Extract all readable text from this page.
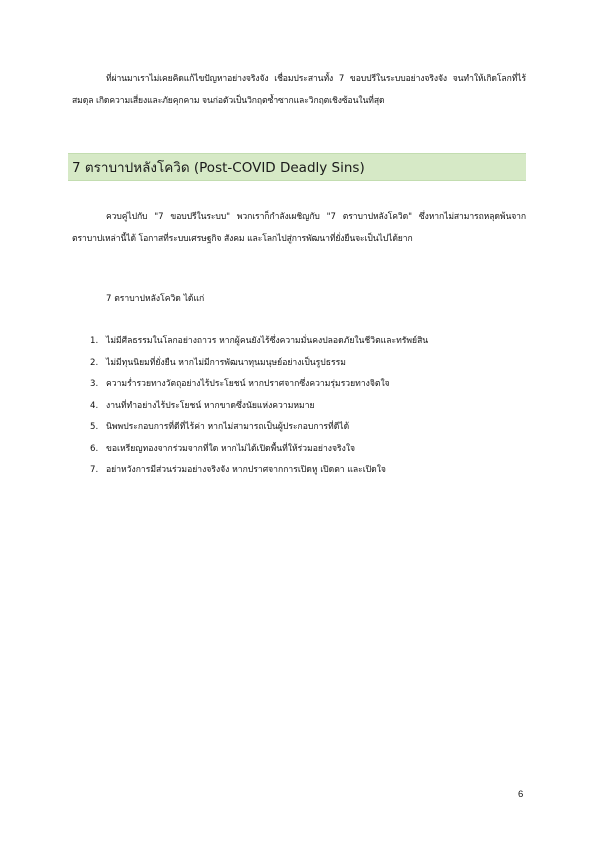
ที่ผ่านมาเราไม่เคยคิดแก้ไขปัญหาอย่างจริงจัง เชื่อมประสานทั้ง 7 ขอบปรีในระบบอย่างจริงจัง จนทำให้เกิดโลกที่ไร้สมดุล เกิดความเสี่ยงและภัยคุกคาม จนก่อตัวเป็นวิกฤตซ้ำซากและวิกฤตเชิงซ้อนในที่สุด
7 ตราบาปหลังโควิด (Post-COVID Deadly Sins)
ควบคู่ไปกับ "7 ขอบปรีในระบบ" พวกเราก็กำลังเผชิญกับ "7 ตราบาปหลังโควิด" ซึ่งหากไม่สามารถหลุดพ้นจากตราบาปเหล่านี้ได้ โอกาสที่ระบบเศรษฐกิจ สังคม และโลกไปสู่การพัฒนาที่ยั่งยืนจะเป็นไปได้ยาก
7 ตราบาปหลังโควิด ได้แก่
1. ไม่มีศีลธรรมในโลกอย่างถาวร หากผู้คนยังไร้ซึ่งความมั่นคงปลอดภัยในชีวิตและทรัพย์สิน
2. ไม่มีทุนนิยมที่ยั่งยืน หากไม่มีการพัฒนาทุนมนุษย์อย่างเป็นรูปธรรม
3. ความร่ำรวยทางวัตถุอย่างไร้ประโยชน์ หากปราศจากซึ่งความรุ่มรวยทางจิตใจ
4. งานที่ทำอย่างไร้ประโยชน์ หากขาดซึ่งนัยแห่งความหมาย
5. นิพพประกอบการที่ดีที่ไร้ค่า หากไม่สามารถเป็นผู้ประกอบการที่ดีได้
6. ขอเหรียญทองจากร่วมจากที่ใด หากไม่ได้เปิดพื้นที่ให้ร่วมอย่างจริงใจ
7. อย่าหวังการมีส่วนร่วมอย่างจริงจัง หากปราศจากการเปิดหู เปิดตา และเปิดใจ
6
